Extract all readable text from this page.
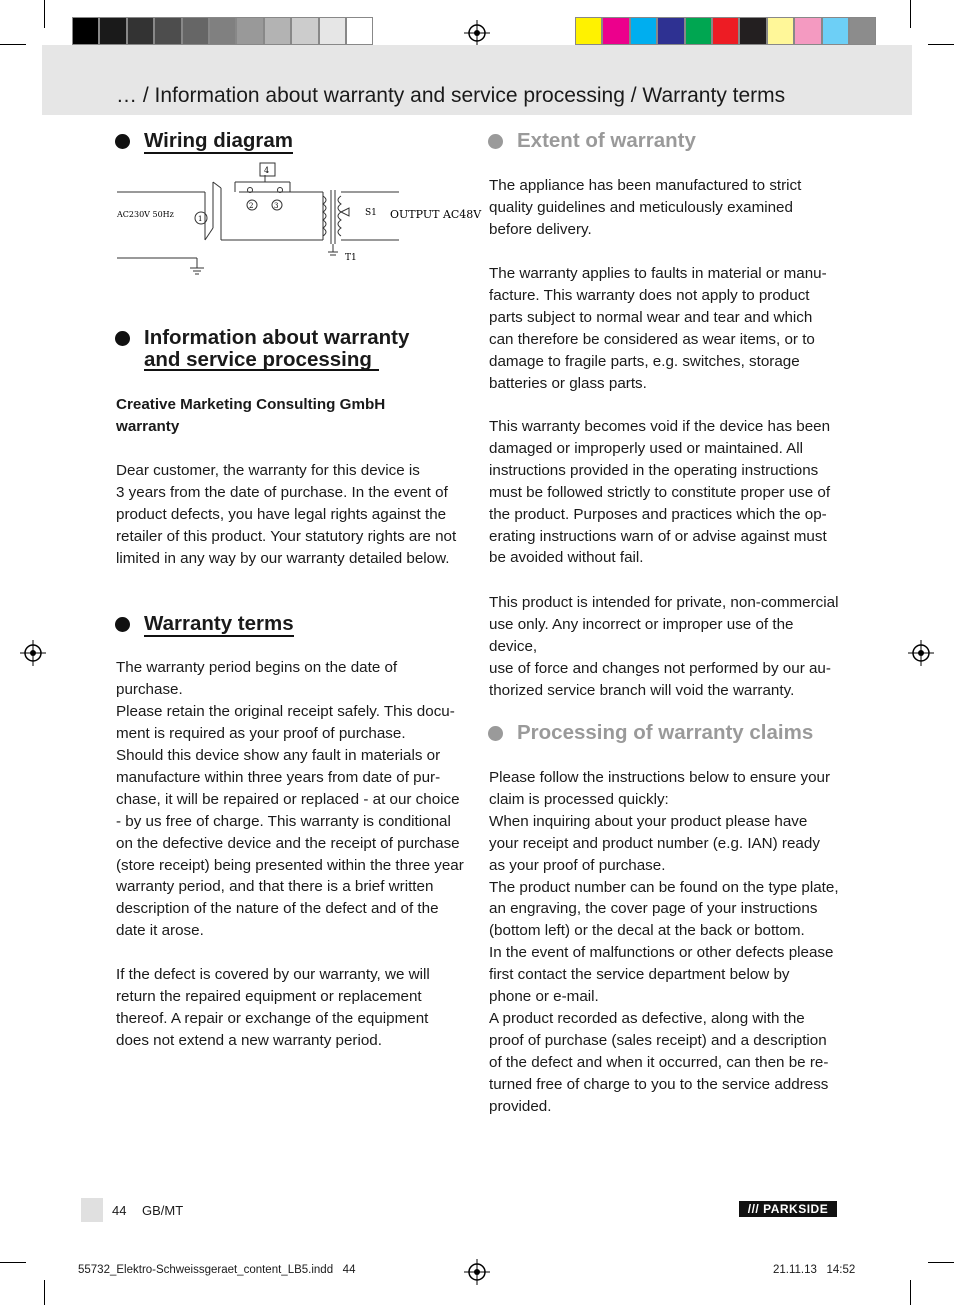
… / Information about warranty and service processing / Warranty terms
Wiring diagram
AC230V 50Hz	OUTPUT AC48V
S1
T1
1
2	3
4
Information about warranty
and service processing
Creative Marketing Consulting GmbH
warranty

Dear customer, the warranty for this device is
3 years from the date of purchase. In the event of
product defects, you have legal rights against the
retailer of this product. Your statutory rights are not
limited in any way by our warranty detailed below.

Warranty terms

The warranty period begins on the date of purchase.
Please retain the original receipt safely. This docu-
ment is required as your proof of purchase.

Should this device show any fault in materials or
manufacture within three years from date of pur-
chase, it will be repaired or replaced - at our choice
- by us free of charge. This warranty is conditional
on the defective device and the receipt of purchase
(store receipt) being presented within the three year
warranty period, and that there is a brief written
description of the nature of the defect and of the
date it arose.

If the defect is covered by our warranty, we will
return the repaired equipment or replacement
thereof. A repair or exchange of the equipment
does not extend a new warranty period.

Extent of warranty

The appliance has been manufactured to strict
quality guidelines and meticulously examined
before delivery.

The warranty applies to faults in material or manu-
facture. This warranty does not apply to product
parts subject to normal wear and tear and which
can therefore be considered as wear items, or to
damage to fragile parts, e.g. switches, storage
batteries or glass parts.

This warranty becomes void if the device has been
damaged or improperly used or maintained. All
instructions provided in the operating instructions
must be followed strictly to constitute proper use of
the product. Purposes and practices which the op-
erating instructions warn of or advise against must
be avoided without fail.

This product is intended for private, non-commercial
use only. Any incorrect or improper use of the device,
use of force and changes not performed by our au-
thorized service branch will void the warranty.

Processing of warranty claims

Please follow the instructions below to ensure your
claim is processed quickly:
When inquiring about your product please have
your receipt and product number (e.g. IAN) ready
as your proof of purchase.
The product number can be found on the type plate,
an engraving, the cover page of your instructions
(bottom left) or the decal at the back or bottom.
In the event of malfunctions or other defects please
first contact the service department below by
phone or e-mail.
A product recorded as defective, along with the
proof of purchase (sales receipt) and a description
of the defect and when it occurred, can then be re-
turned free of charge to you to the service address
provided.

44 GB/MT	/// PARKSIDE
55732_Elektro-Schweissgeraet_content_LB5.indd   44	21.11.13   14:52
